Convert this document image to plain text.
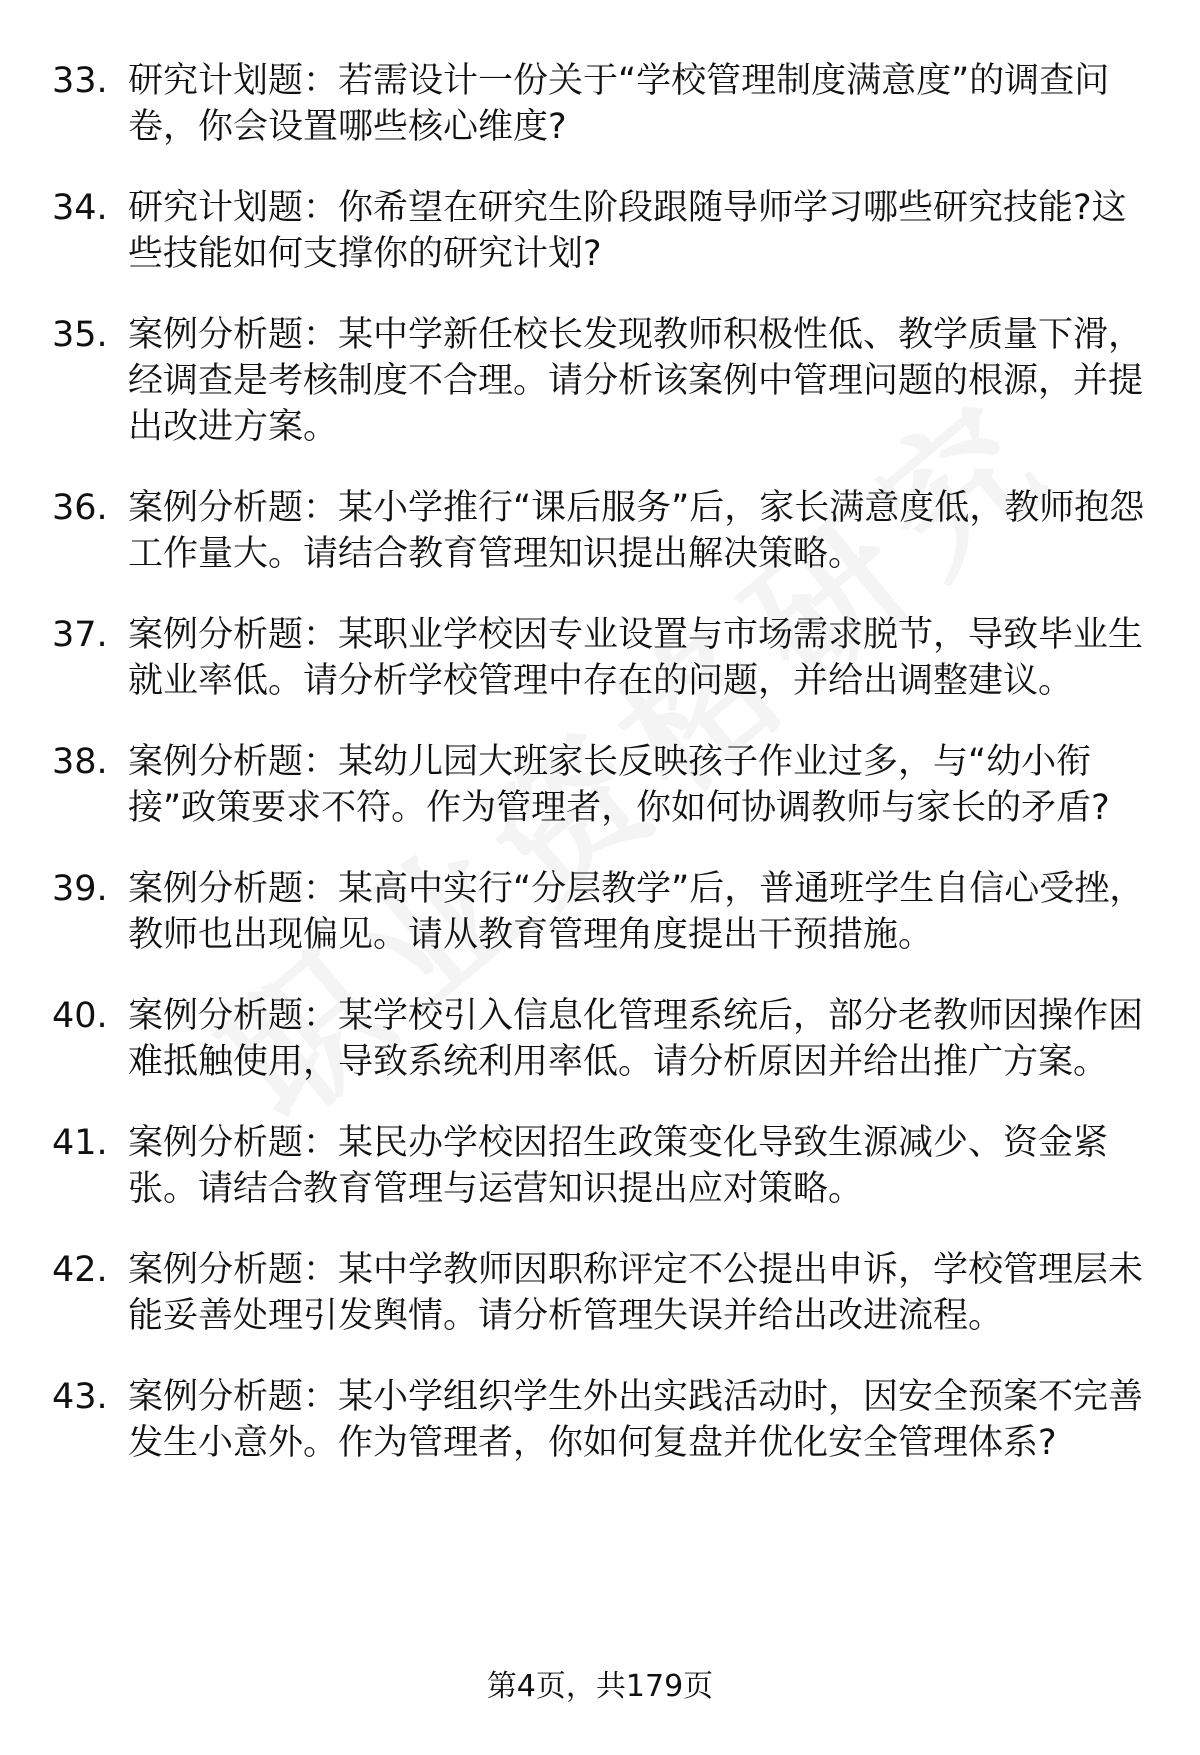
33. 研究计划题：若需设计一份关于“学校管理制度满意度”的调查问卷，你会设置哪些核心维度?
34. 研究计划题：你希望在研究生阶段跟随导师学习哪些研究技能?这些技能如何支撑你的研究计划?
35. 案例分析题：某中学新任校长发现教师积极性低、教学质量下滑，经调查是考核制度不合理。请分析该案例中管理问题的根源，并提出改进方案。
36. 案例分析题：某小学推行“课后服务”后，家长满意度低，教师抱怨工作量大。请结合教育管理知识提出解决策略。
37. 案例分析题：某职业学校因专业设置与市场需求脱节，导致毕业生就业率低。请分析学校管理中存在的问题，并给出调整建议。
38. 案例分析题：某幼儿园大班家长反映孩子作业过多，与“幼小衔接”政策要求不符。作为管理者，你如何协调教师与家长的矛盾?
39. 案例分析题：某高中实行“分层教学”后，普通班学生自信心受挫，教师也出现偏见。请从教育管理角度提出干预措施。
40. 案例分析题：某学校引入信息化管理系统后，部分老教师因操作困难抵触使用，导致系统利用率低。请分析原因并给出推广方案。
41. 案例分析题：某民办学校因招生政策变化导致生源减少、资金紧张。请结合教育管理与运营知识提出应对策略。
42. 案例分析题：某中学教师因职称评定不公提出申诉，学校管理层未能妥善处理引发舆情。请分析管理失误并给出改进流程。
43. 案例分析题：某小学组织学生外出实践活动时，因安全预案不完善发生小意外。作为管理者，你如何复盘并优化安全管理体系?
第4页，共179页
